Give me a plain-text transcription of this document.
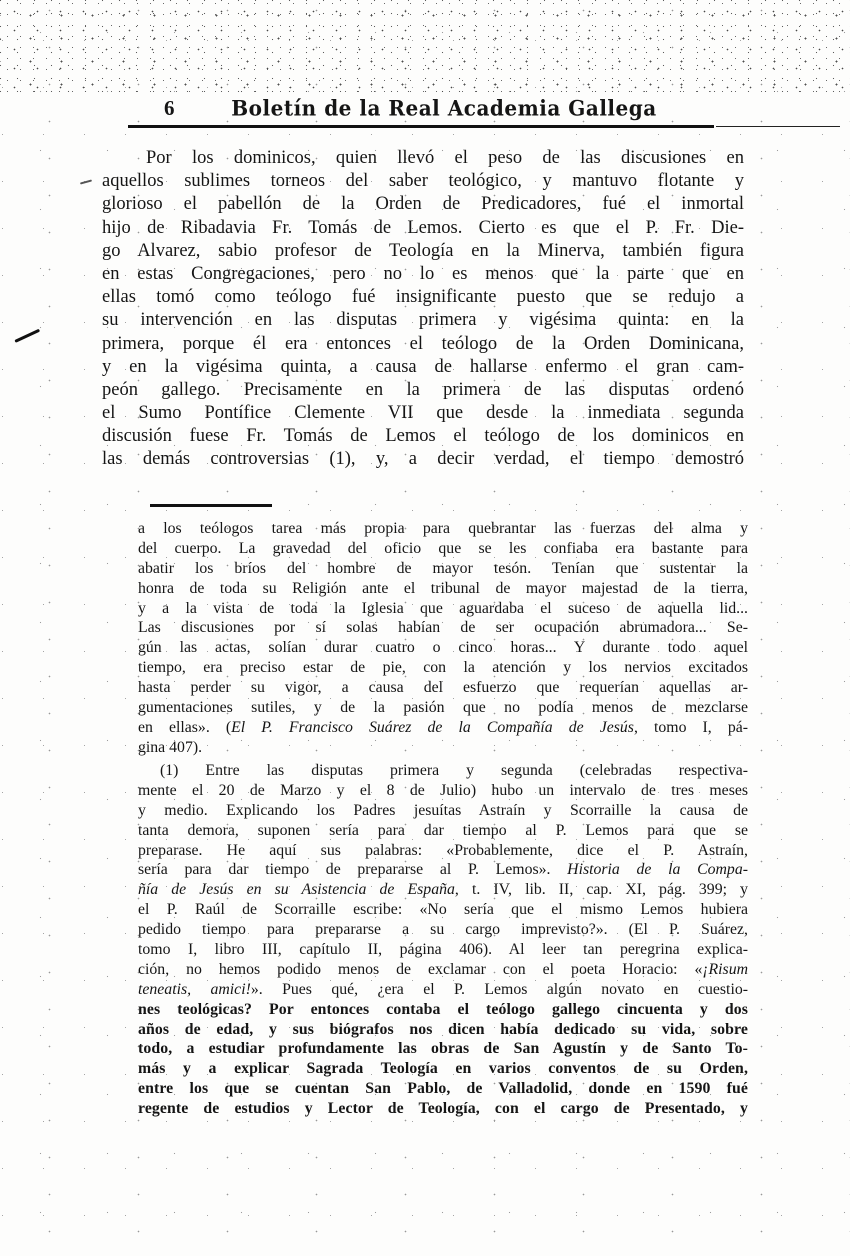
6	Boletín de la Real Academia Gallega
Por los dominicos, quien llevó el peso de las discusiones en
aquellos sublimes torneos del saber teológico, y mantuvo flotante y
glorioso el pabellón de la Orden de Predicadores, fué el inmortal
hijo de Ribadavia Fr. Tomás de Lemos. Cierto es que el P. Fr. Die-
go Alvarez, sabio profesor de Teología en la Minerva, también figura
en estas Congregaciones, pero no lo es menos que la parte que en
ellas tomó como teólogo fué insignificante puesto que se redujo a
su intervención en las disputas primera y vigésima quinta: en la
primera, porque él era entonces el teólogo de la Orden Dominicana,
y en la vigésima quinta, a causa de hallarse enfermo el gran cam-
peón gallego. Precisamente en la primera de las disputas ordenó
el Sumo Pontífice Clemente VII que desde la inmediata segunda
discusión fuese Fr. Tomás de Lemos el teólogo de los dominicos en
las demás controversias (1), y, a decir verdad, el tiempo demostró
a los teólogos tarea más propia para quebrantar las fuerzas del alma y
del cuerpo. La gravedad del oficio que se les confiaba era bastante para
abatir los bríos del hombre de mayor tesón. Tenían que sustentar la
honra de toda su Religión ante el tribunal de mayor majestad de la tierra,
y a la vista de toda la Iglesia que aguardaba el suceso de aquella lid...
Las discusiones por sí solas habían de ser ocupación abrumadora... Se-
gún las actas, solían durar cuatro o cinco horas... Y durante todo aquel
tiempo, era preciso estar de pie, con la atención y los nervios excitados
hasta perder su vigor, a causa del esfuerzo que requerían aquellas ar-
gumentaciones sutiles, y de la pasión que no podía menos de mezclarse
en ellas». (El P. Francisco Suárez de la Compañía de Jesús, tomo I, pá-
gina 407).
(1) Entre las disputas primera y segunda (celebradas respectiva-
mente el 20 de Marzo y el 8 de Julio) hubo un intervalo de tres meses
y medio. Explicando los Padres jesuítas Astraín y Scorraille la causa de
tanta demora, suponen sería para dar tiempo al P. Lemos para que se
preparase. He aquí sus palabras: «Probablemente, dice el P. Astraín,
sería para dar tiempo de prepararse al P. Lemos». Historia de la Compa-
ñía de Jesús en su Asistencia de España, t. IV, lib. II, cap. XI, pág. 399; y
el P. Raúl de Scorraille escribe: «No sería que el mismo Lemos hubiera
pedido tiempo para prepararse a su cargo imprevisto?». (El P. Suárez,
tomo I, libro III, capítulo II, página 406). Al leer tan peregrina explica-
ción, no hemos podido menos de exclamar con el poeta Horacio: «¡Risum
teneatis, amici!». Pues qué, ¿era el P. Lemos algún novato en cuestio-
nes teológicas? Por entonces contaba el teólogo gallego cincuenta y dos
años de edad, y sus biógrafos nos dicen había dedicado su vida, sobre
todo, a estudiar profundamente las obras de San Agustín y de Santo To-
más y a explicar Sagrada Teología en varios conventos de su Orden,
entre los que se cuentan San Pablo, de Valladolid, donde en 1590 fué
regente de estudios y Lector de Teología, con el cargo de Presentado, y
